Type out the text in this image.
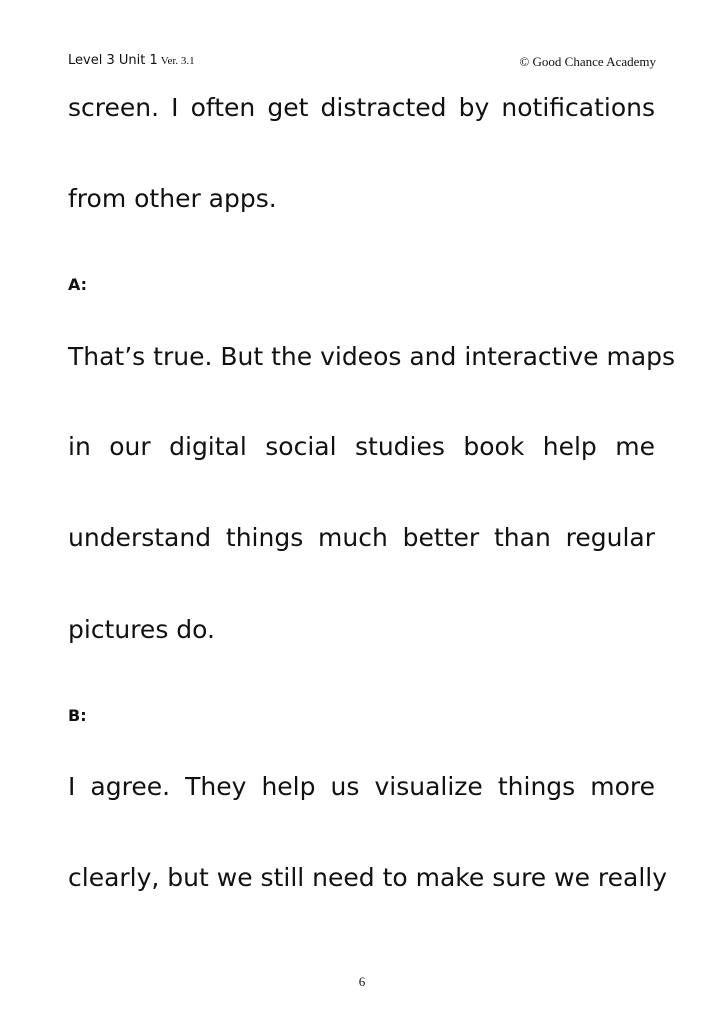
Level 3 Unit 1 Ver. 3.1	© Good Chance Academy
screen. I often get distracted by notifications
from other apps.
A:
That’s true. But the videos and interactive maps
in our digital social studies book help me
understand things much better than regular
pictures do.
B:
I agree. They help us visualize things more
clearly, but we still need to make sure we really
6
